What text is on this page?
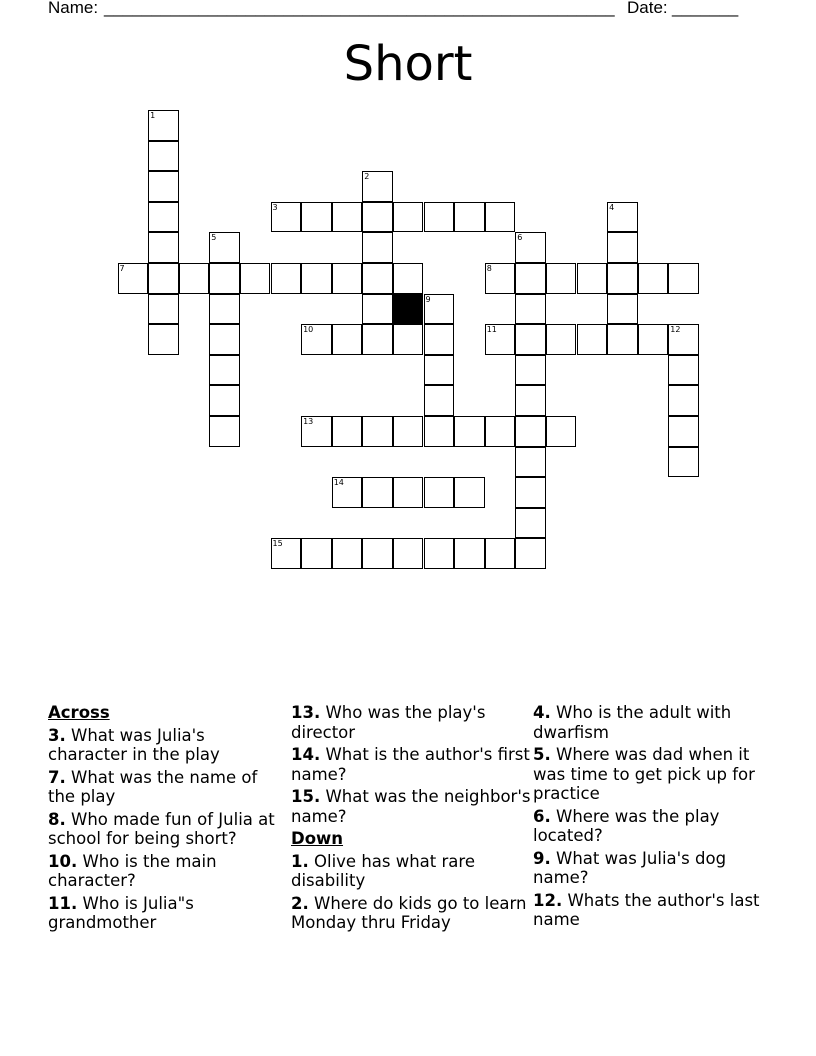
Name: ______________________________________________________ Date: _______
Short
1
2
3	4
5	6
7	8
9
10	11	12
13
14
15
Across
3. What was Julia's character in the play
7. What was the name of the play
8. Who made fun of Julia at school for being short?
10. Who is the main character?
11. Who is Julia"s grandmother
13. Who was the play's director
14. What is the author's first name?
15. What was the neighbor's name?
Down
1. Olive has what rare disability
2. Where do kids go to learn Monday thru Friday
4. Who is the adult with dwarfism
5. Where was dad when it was time to get pick up for practice
6. Where was the play located?
9. What was Julia's dog name?
12. Whats the author's last name
